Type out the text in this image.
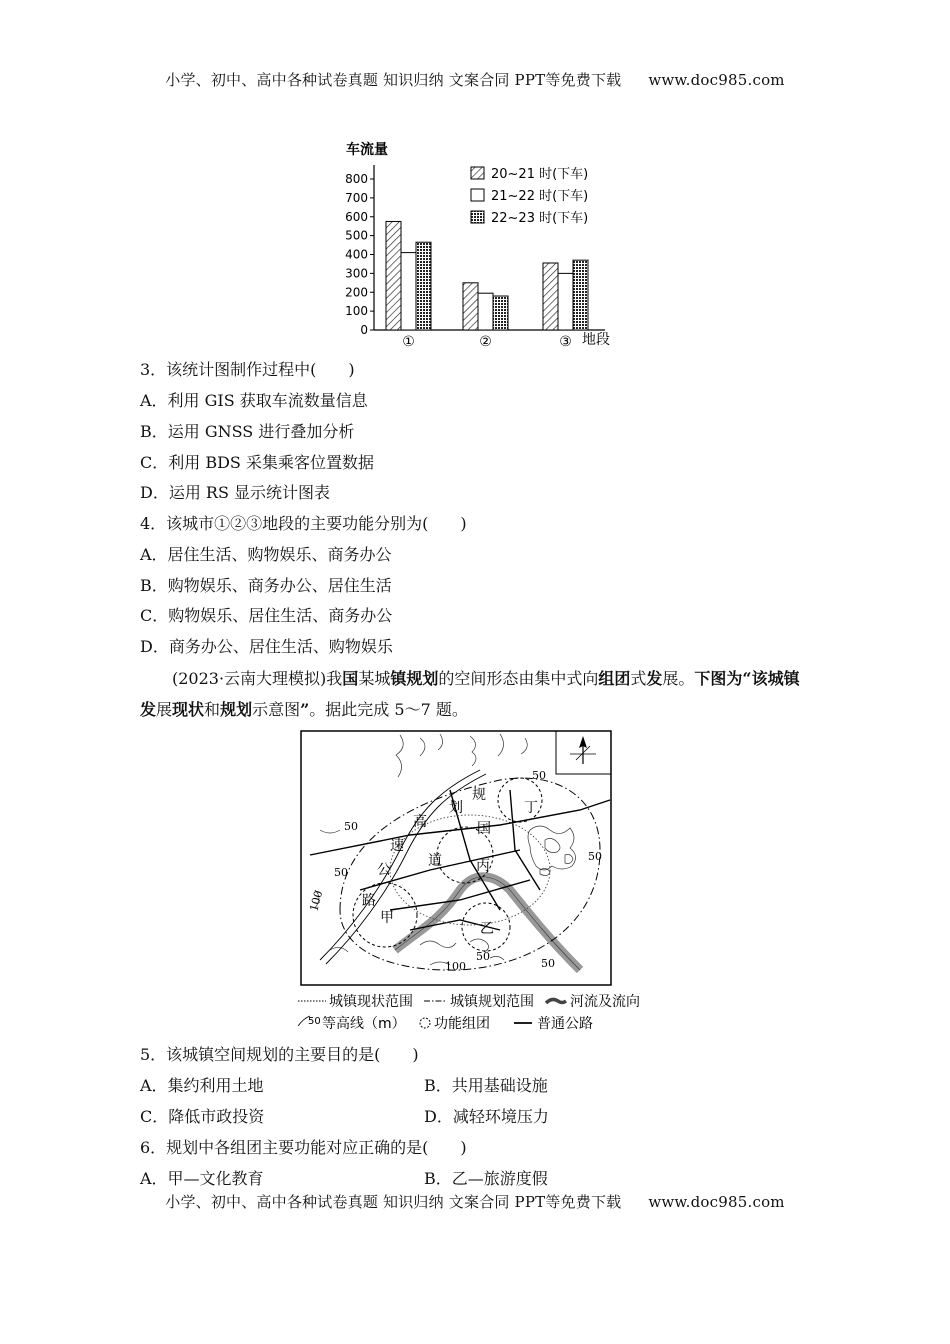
小学、初中、高中各种试卷真题 知识归纳 文案合同 PPT等免费下载 www.doc985.com
车流量
0
100
200
300
400
500
600
700
800
①	②	③ 地段
20~21 时(下车)
21~22 时(下车)
22~23 时(下车)
3．该统计图制作过程中(　　)
A．利用 GIS 获取车流数量信息
B．运用 GNSS 进行叠加分析
C．利用 BDS 采集乘客位置数据
D．运用 RS 显示统计图表
4．该城市①②③地段的主要功能分别为(　　)
A．居住生活、购物娱乐、商务办公
B．购物娱乐、商务办公、居住生活
C．购物娱乐、居住生活、商务办公
D．商务办公、居住生活、购物娱乐
(2023·云南大理模拟)我国某城镇规划的空间形态由集中式向组团式发展。下图为“该城镇发展现状和规划示意图”。据此完成 5～7 题。
规
划
高
速
道
公
路
国
甲
乙
丙
丁
50
50
50
50
50
50
100
100
城镇现状范围	城镇规划范围	河流及流向
50 等高线（m） 功能组团	普通公路
5．该城镇空间规划的主要目的是(　　)
A．集约利用土地	B．共用基础设施
C．降低市政投资	D．减轻环境压力
6．规划中各组团主要功能对应正确的是(　　)
A．甲—文化教育	B．乙—旅游度假
小学、初中、高中各种试卷真题 知识归纳 文案合同 PPT等免费下载 www.doc985.com
